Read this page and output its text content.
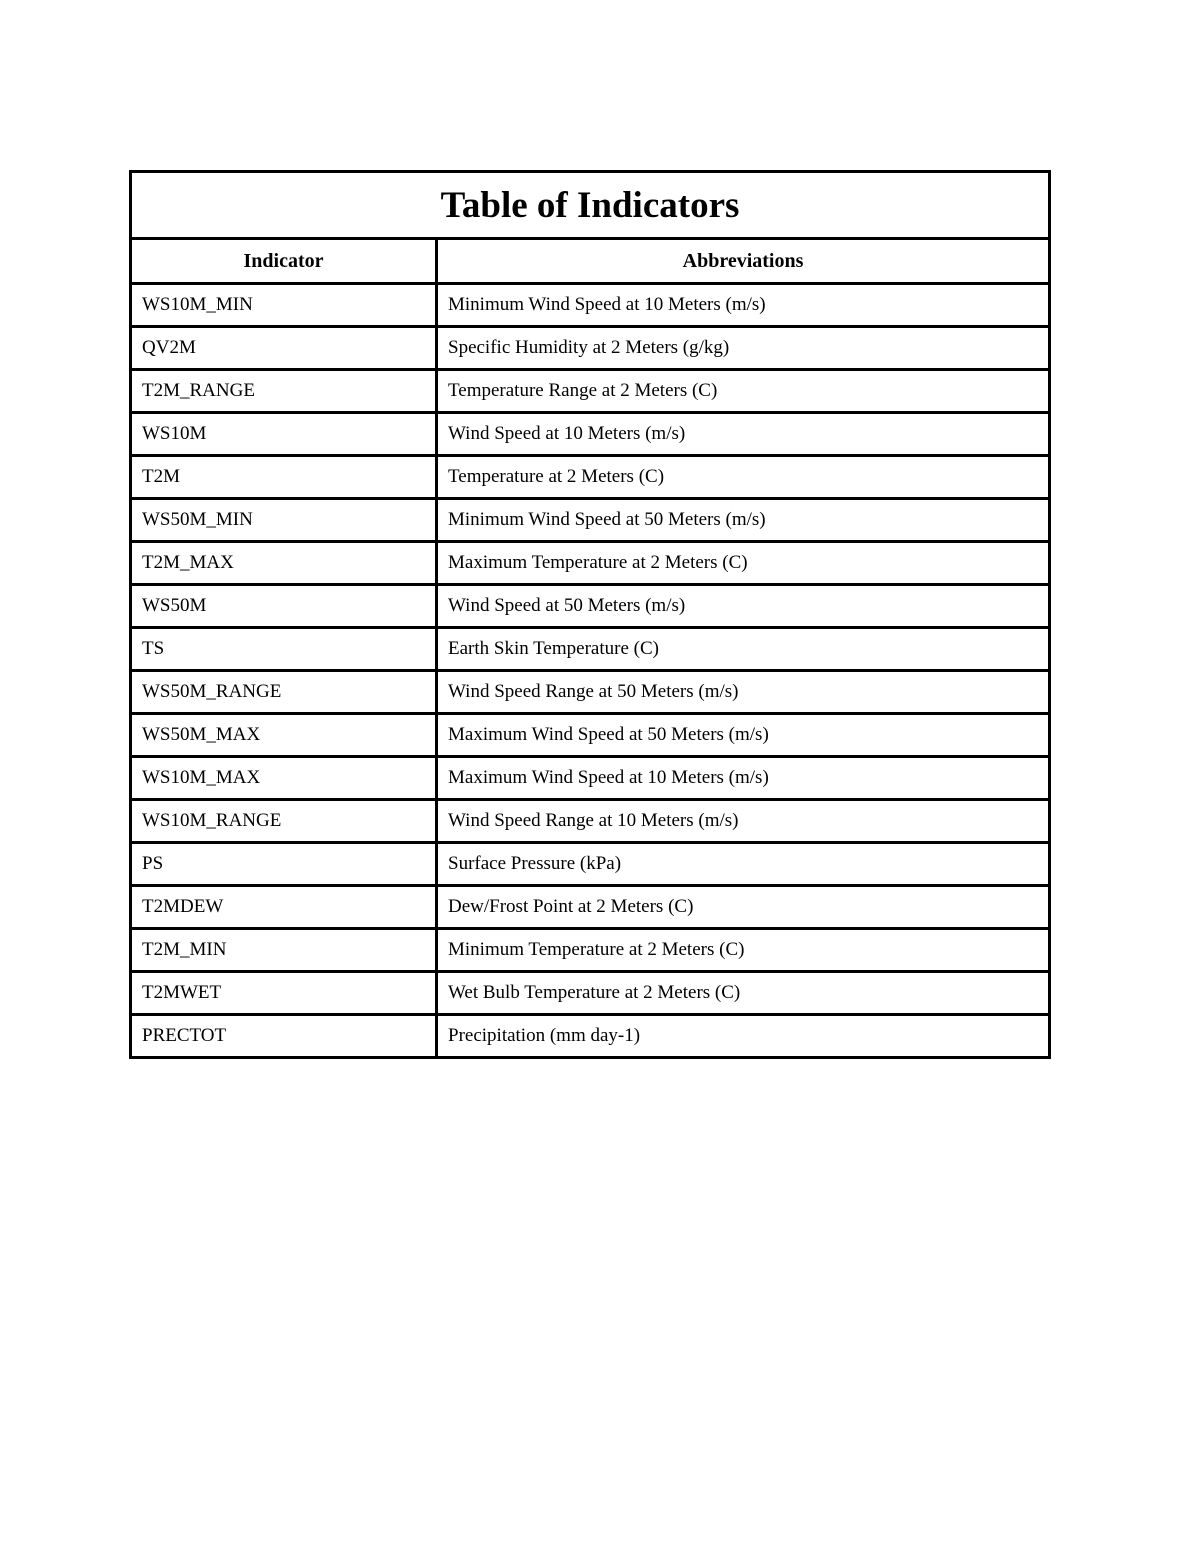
Table of Indicators	
Indicator	Abbreviations
WS10M_MIN	Minimum Wind Speed at 10 Meters (m/s)
QV2M	Specific Humidity at 2 Meters (g/kg)
T2M_RANGE	Temperature Range at 2 Meters (C)
WS10M	Wind Speed at 10 Meters (m/s)
T2M	Temperature at 2 Meters (C)
WS50M_MIN	Minimum Wind Speed at 50 Meters (m/s)
T2M_MAX	Maximum Temperature at 2 Meters (C)
WS50M	Wind Speed at 50 Meters (m/s)
TS	Earth Skin Temperature (C)
WS50M_RANGE	Wind Speed Range at 50 Meters (m/s)
WS50M_MAX	Maximum Wind Speed at 50 Meters (m/s)
WS10M_MAX	Maximum Wind Speed at 10 Meters (m/s)
WS10M_RANGE	Wind Speed Range at 10 Meters (m/s)
PS	Surface Pressure (kPa)
T2MDEW	Dew/Frost Point at 2 Meters (C)
T2M_MIN	Minimum Temperature at 2 Meters (C)
T2MWET	Wet Bulb Temperature at 2 Meters (C)
PRECTOT	Precipitation (mm day-1)
